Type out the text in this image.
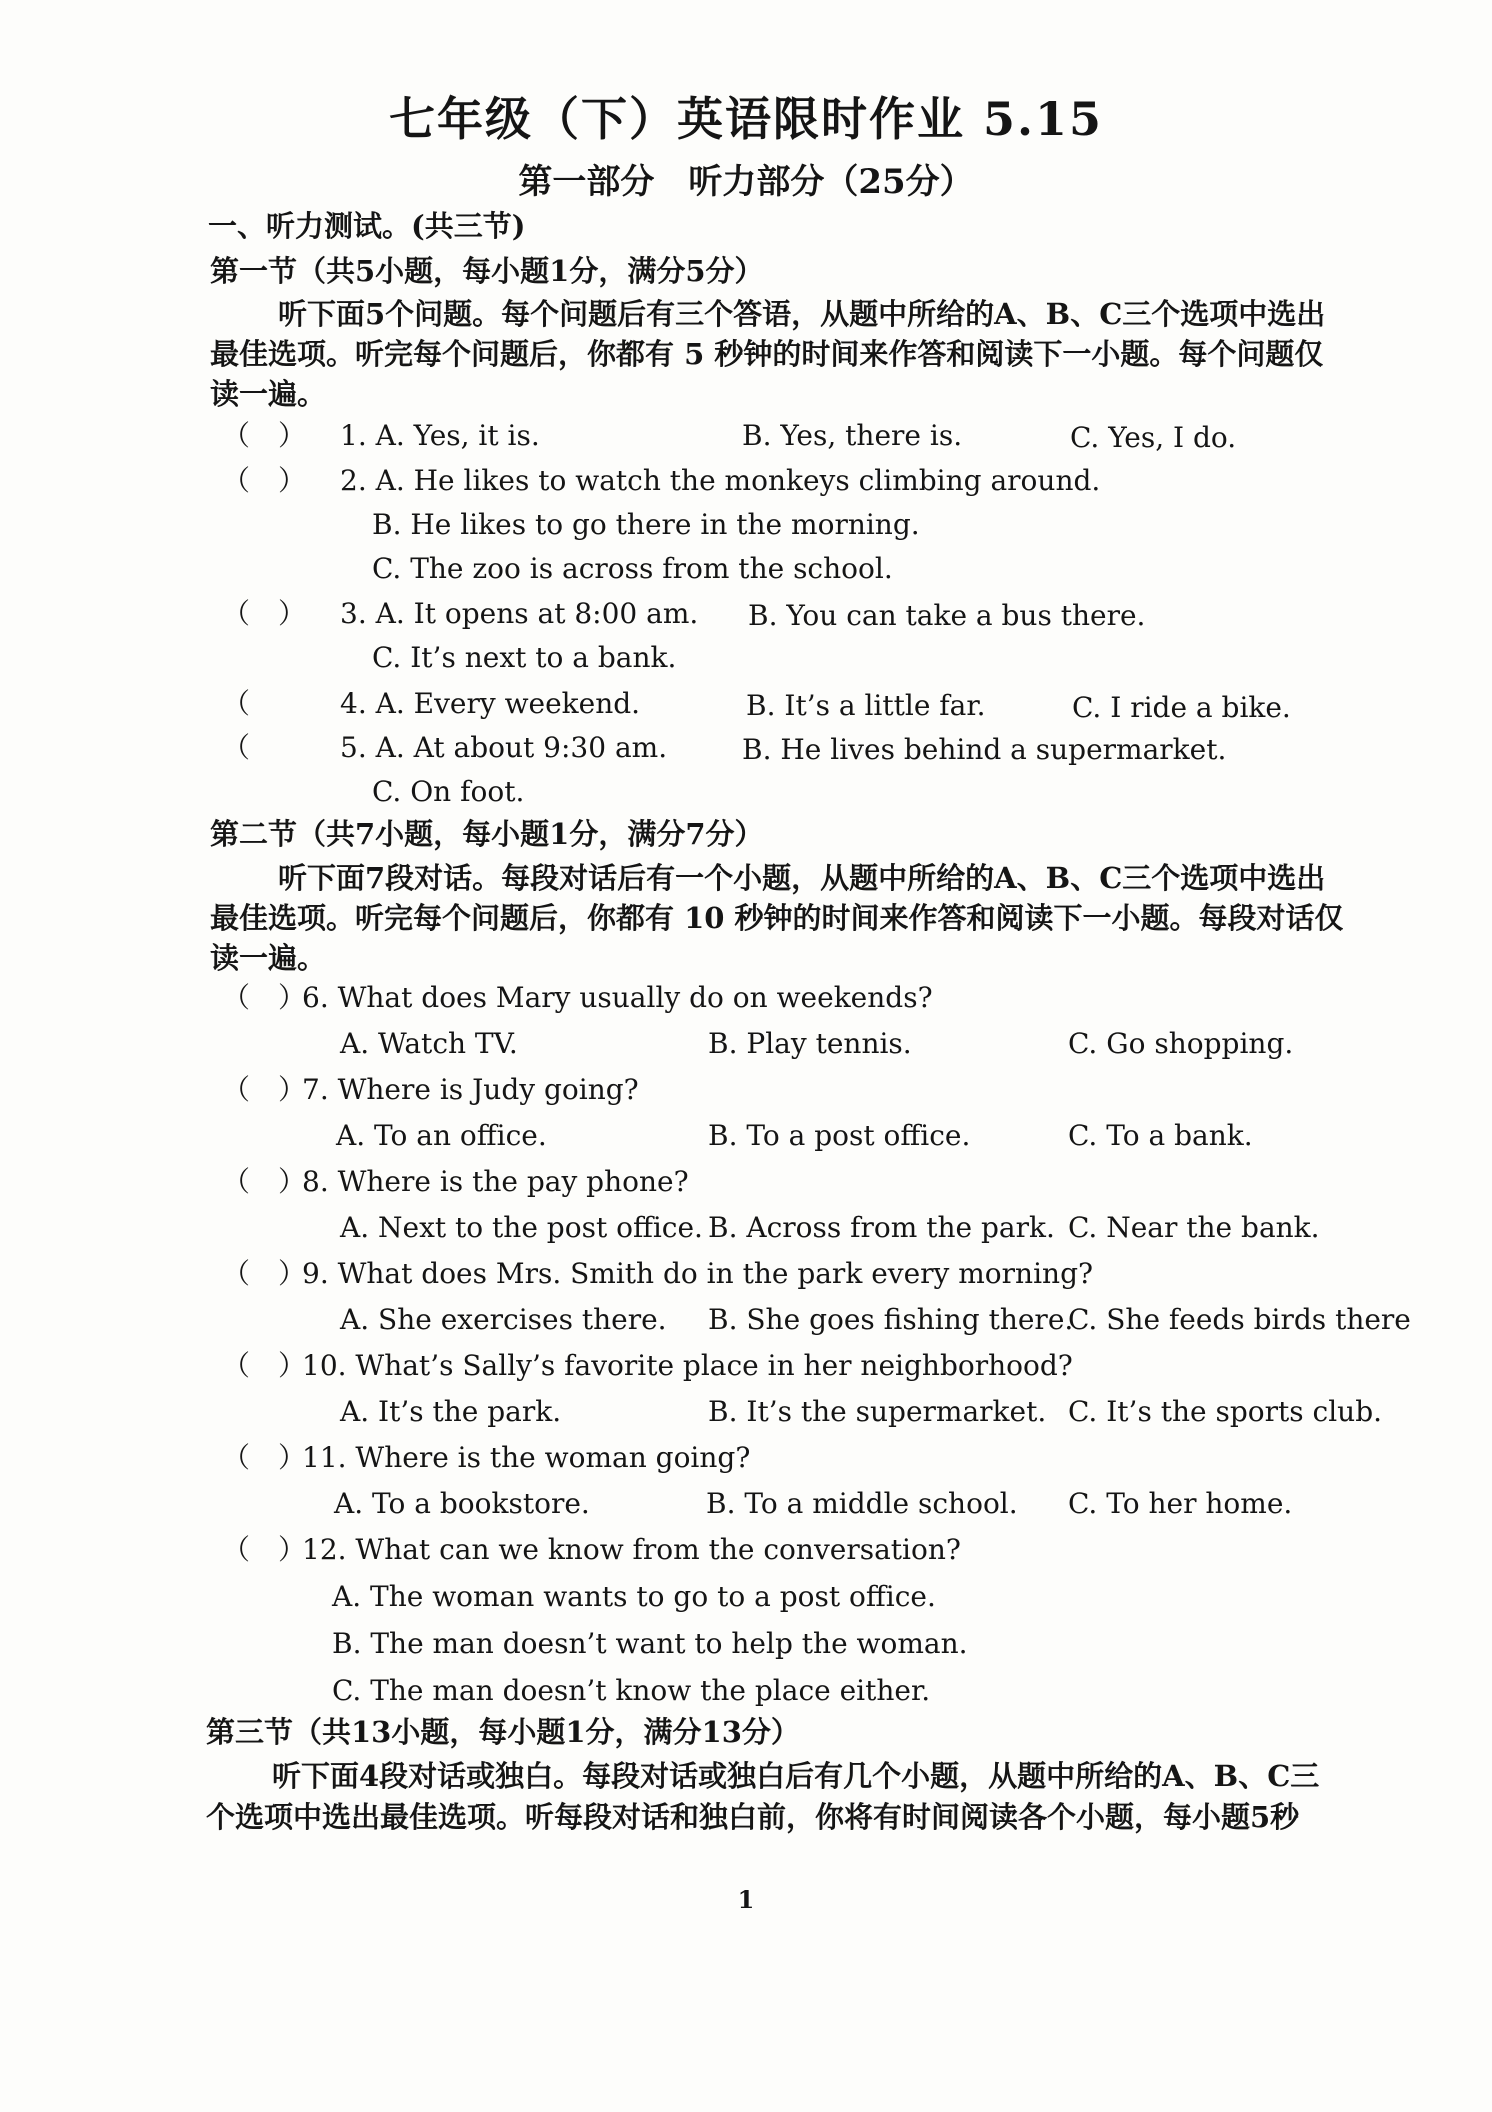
七年级（下）英语限时作业 5.15
第一部分　听力部分（25分）
一、听力测试。(共三节)
第一节（共5小题，每小题1分，满分5分）
听下面5个问题。每个问题后有三个答语，从题中所给的A、B、C三个选项中选出
最佳选项。听完每个问题后，你都有 5 秒钟的时间来作答和阅读下一小题。每个问题仅
读一遍。
（　） 1. A. Yes, it is.	B. Yes, there is.	C. Yes, I do.
（　） 2. A. He likes to watch the monkeys climbing around.
B. He likes to go there in the morning.
C. The zoo is across from the school.
（　） 3. A. It opens at 8:00 am. B. You can take a bus there.
C. It’s next to a bank.
（	4. A. Every weekend.	B. It’s a little far.	C. I ride a bike.
（	5. A. At about 9:30 am.	B. He lives behind a supermarket.
C. On foot.
第二节（共7小题，每小题1分，满分7分）
听下面7段对话。每段对话后有一个小题，从题中所给的A、B、C三个选项中选出
最佳选项。听完每个问题后，你都有 10 秒钟的时间来作答和阅读下一小题。每段对话仅
读一遍。
（　）
6. What does Mary usually do on weekends?
A. Watch TV.	B. Play tennis.	C. Go shopping.
（　）
7. Where is Judy going?
A. To an office.	B. To a post office.	C. To a bank.
（　）
8. Where is the pay phone?
A. Next to the post office. B. Across from the park. C. Near the bank.
（　）
9. What does Mrs. Smith do in the park every morning?
A. She exercises there. B. She goes fishing there.
C. She feeds birds there
（　）
10. What’s Sally’s favorite place in her neighborhood?
A. It’s the park.	B. It’s the supermarket. C. It’s the sports club.
（　）
11. Where is the woman going?
A. To a bookstore.	B. To a middle school. C. To her home.
（　）
12. What can we know from the conversation?
A. The woman wants to go to a post office.
B. The man doesn’t want to help the woman.
C. The man doesn’t know the place either.
第三节（共13小题，每小题1分，满分13分）
听下面4段对话或独白。每段对话或独白后有几个小题，从题中所给的A、B、C三
个选项中选出最佳选项。听每段对话和独白前，你将有时间阅读各个小题，每小题5秒
1
